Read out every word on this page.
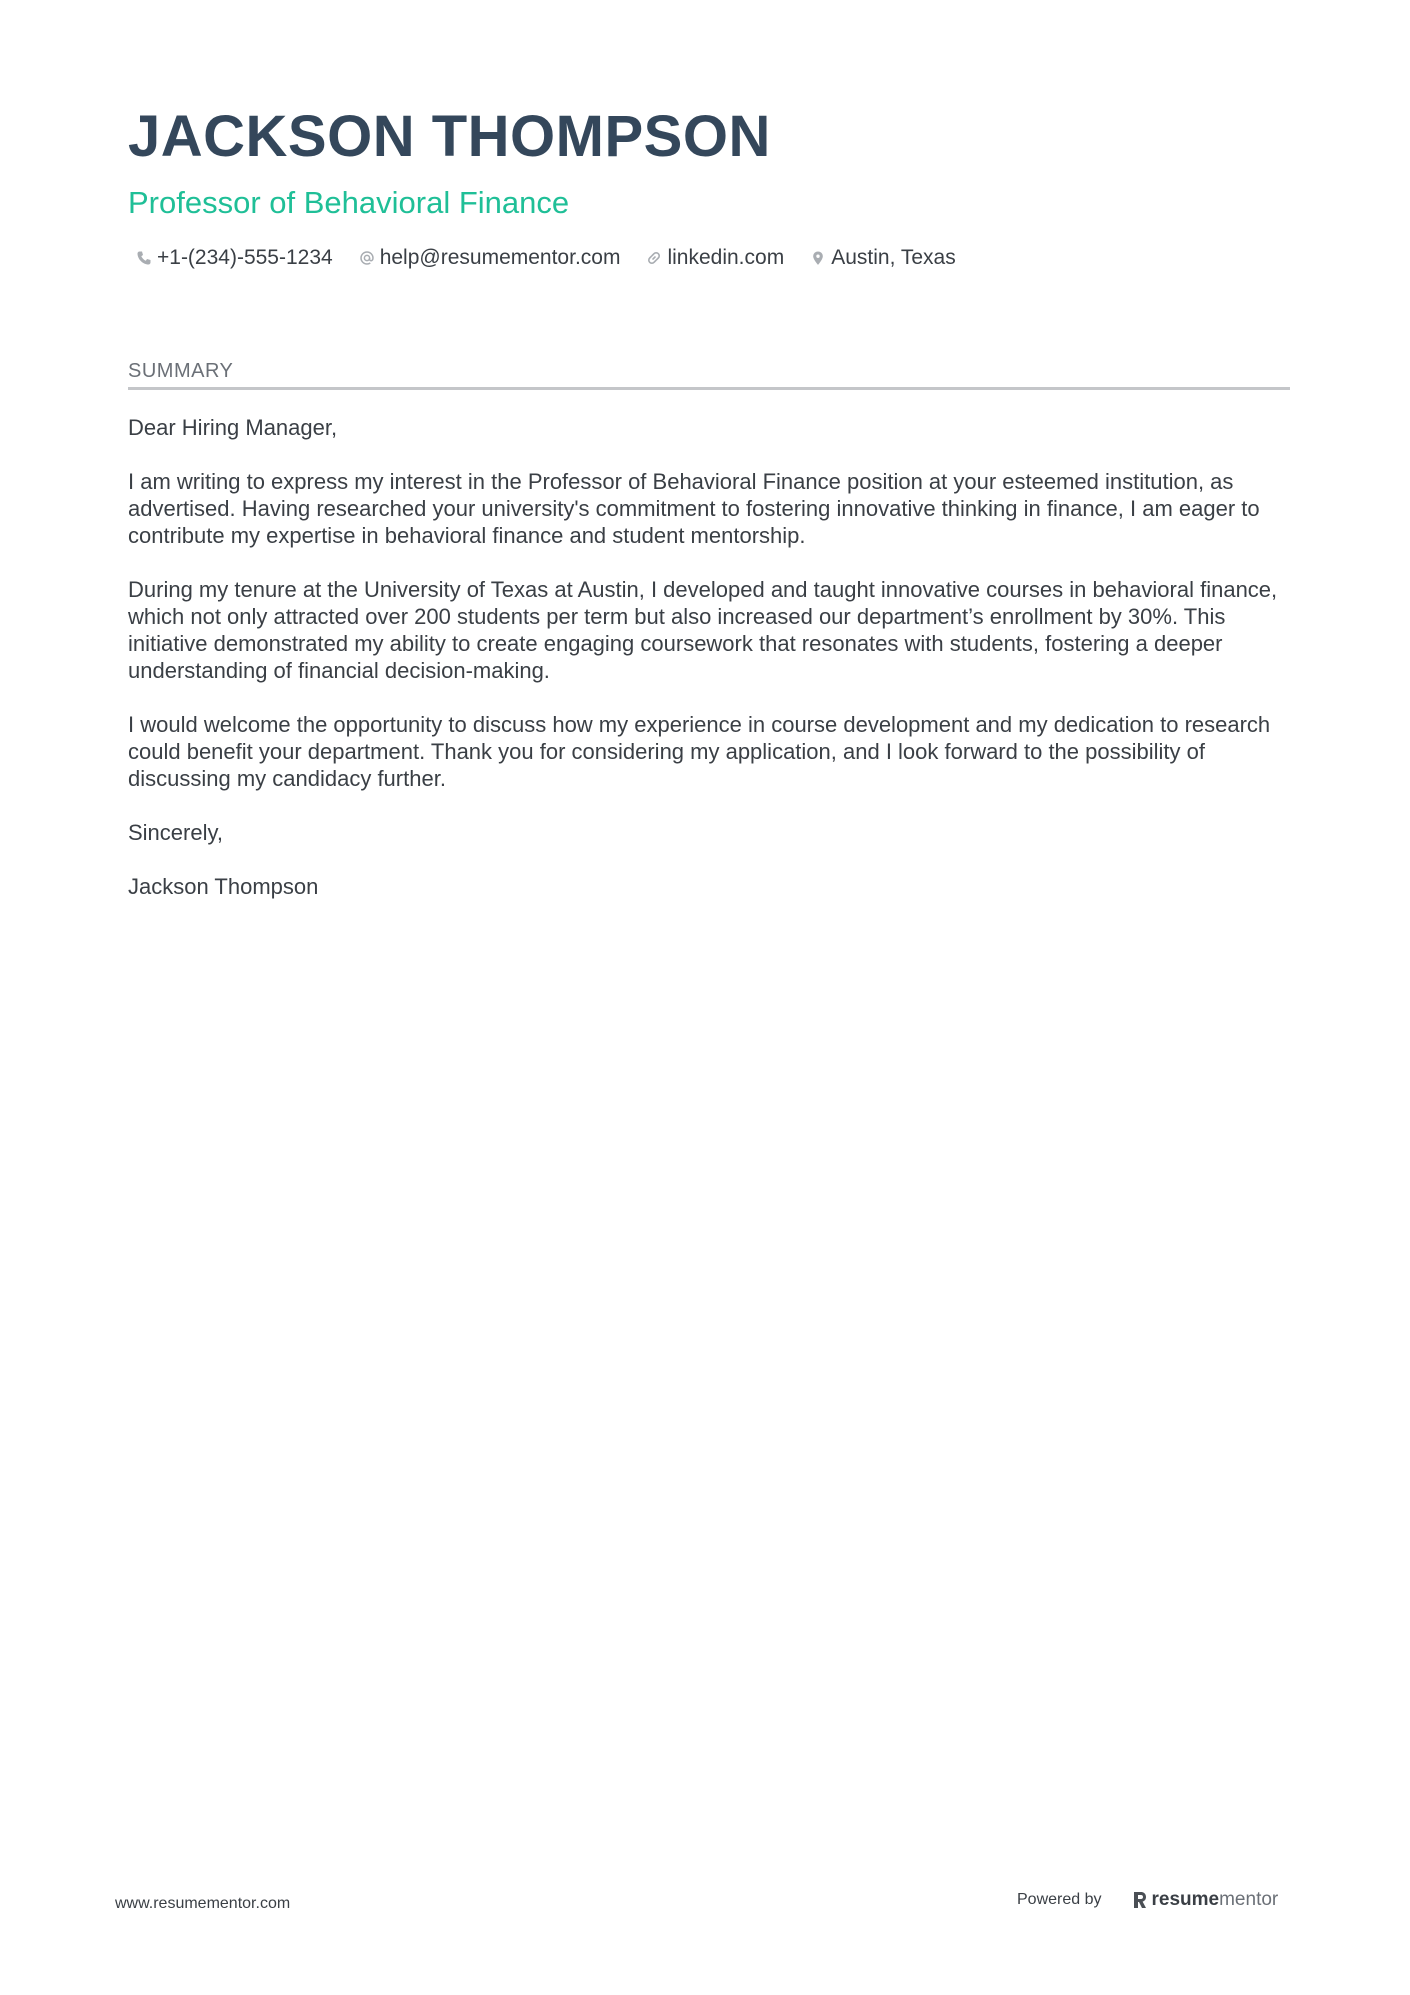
JACKSON THOMPSON
Professor of Behavioral Finance
+1-(234)-555-1234 help@resumementor.com linkedin.com Austin, Texas
SUMMARY

Dear Hiring Manager,

I am writing to express my interest in the Professor of Behavioral Finance position at your esteemed institution, as advertised. Having researched your university's commitment to fostering innovative thinking in finance, I am eager to contribute my expertise in behavioral finance and student mentorship.

During my tenure at the University of Texas at Austin, I developed and taught innovative courses in behavioral finance, which not only attracted over 200 students per term but also increased our department’s enrollment by 30%. This initiative demonstrated my ability to create engaging coursework that resonates with students, fostering a deeper understanding of financial decision-making.

I would welcome the opportunity to discuss how my experience in course development and my dedication to research could benefit your department. Thank you for considering my application, and I look forward to the possibility of discussing my candidacy further.

Sincerely,

Jackson Thompson

www.resumementor.com	Powered by	resume mentor
